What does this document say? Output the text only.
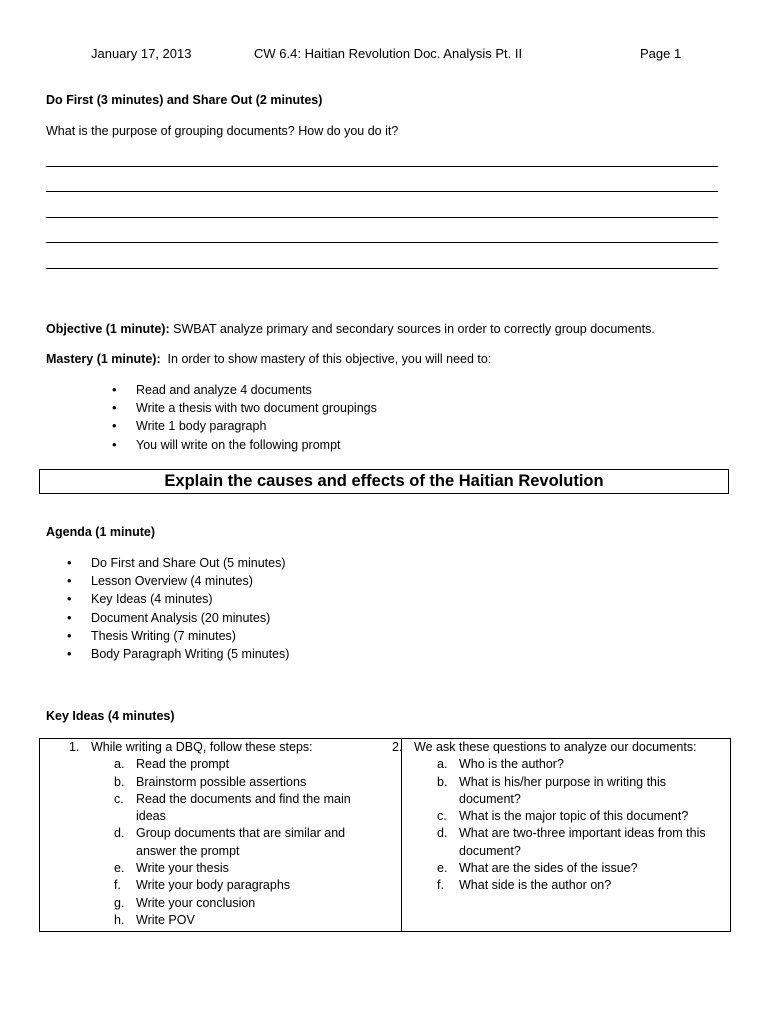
January 17, 2013	CW 6.4: Haitian Revolution Doc. Analysis Pt. II	Page 1
Do First (3 minutes) and Share Out (2 minutes)
What is the purpose of grouping documents? How do you do it?
Objective (1 minute): SWBAT analyze primary and secondary sources in order to correctly group documents.
Mastery (1 minute):  In order to show mastery of this objective, you will need to:
• Read and analyze 4 documents
• Write a thesis with two document groupings
• Write 1 body paragraph
• You will write on the following prompt
Explain the causes and effects of the Haitian Revolution
Agenda (1 minute)
• Do First and Share Out (5 minutes)
• Lesson Overview (4 minutes)
• Key Ideas (4 minutes)
• Document Analysis (20 minutes)
• Thesis Writing (7 minutes)
• Body Paragraph Writing (5 minutes)
Key Ideas (4 minutes)
1. While writing a DBQ, follow these steps:
a. Read the prompt
b. Brainstorm possible assertions
c. Read the documents and find the main ideas
d. Group documents that are similar and answer the prompt
e. Write your thesis
f. Write your body paragraphs
g. Write your conclusion
h. Write POV
2. We ask these questions to analyze our documents:
a. Who is the author?
b. What is his/her purpose in writing this document?
c. What is the major topic of this document?
d. What are two-three important ideas from this document?
e. What are the sides of the issue?
f. What side is the author on?
